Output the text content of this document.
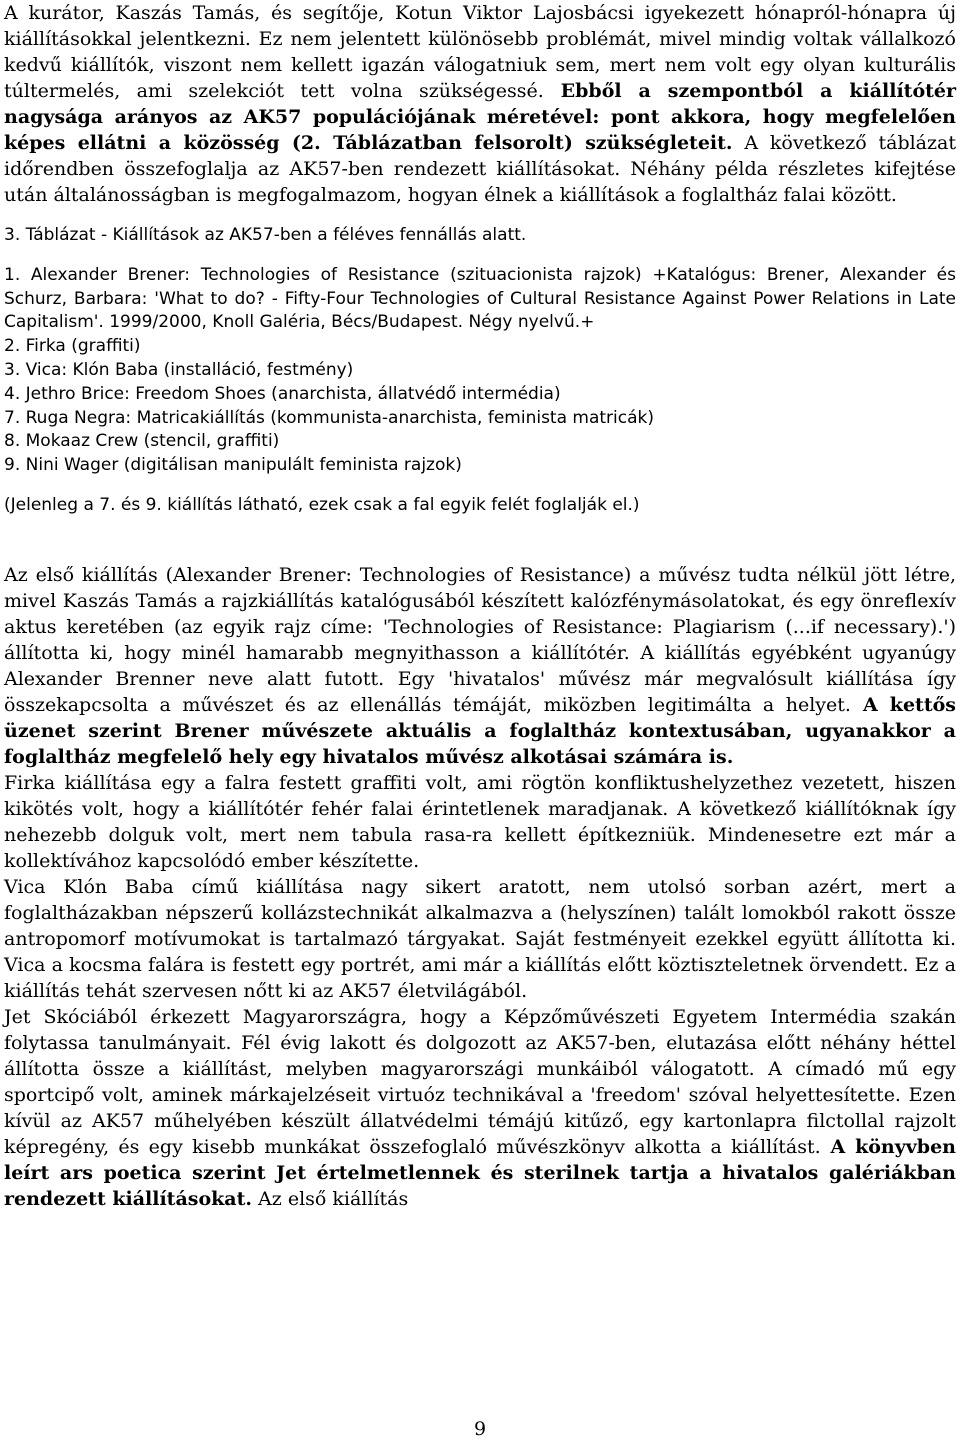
A kurátor, Kaszás Tamás, és segítője, Kotun Viktor Lajosbácsi igyekezett hónapról-hónapra új kiállításokkal jelentkezni. Ez nem jelentett különösebb problémát, mivel mindig voltak vállalkozó kedvű kiállítók, viszont nem kellett igazán válogatniuk sem, mert nem volt egy olyan kulturális túltermelés, ami szelekciót tett volna szükségessé. Ebből a szempontból a kiállítótér nagysága arányos az AK57 populációjának méretével: pont akkora, hogy megfelelően képes ellátni a közösség (2. Táblázatban felsorolt) szükségleteit. A következő táblázat időrendben összefoglalja az AK57-ben rendezett kiállításokat. Néhány példa részletes kifejtése után általánosságban is megfogalmazom, hogyan élnek a kiállítások a foglaltház falai között.

3. Táblázat - Kiállítások az AK57-ben a féléves fennállás alatt.

1. Alexander Brener: Technologies of Resistance (szituacionista rajzok) +Katalógus: Brener, Alexander és Schurz, Barbara: 'What to do? - Fifty-Four Technologies of Cultural Resistance Against Power Relations in Late Capitalism'. 1999/2000, Knoll Galéria, Bécs/Budapest. Négy nyelvű.+
2. Firka (graffiti)
3. Vica: Klón Baba (installáció, festmény)
4. Jethro Brice: Freedom Shoes (anarchista, állatvédő intermédia)
7. Ruga Negra: Matricakiállítás (kommunista-anarchista, feminista matricák)
8. Mokaaz Crew (stencil, graffiti)
9. Nini Wager (digitálisan manipulált feminista rajzok)

(Jelenleg a 7. és 9. kiállítás látható, ezek csak a fal egyik felét foglalják el.)

Az első kiállítás (Alexander Brener: Technologies of Resistance) a művész tudta nélkül jött létre, mivel Kaszás Tamás a rajzkiállítás katalógusából készített kalózfénymásolatokat, és egy önreflexív aktus keretében (az egyik rajz címe: 'Technologies of Resistance: Plagiarism (...if necessary).') állította ki, hogy minél hamarabb megnyithasson a kiállítótér. A kiállítás egyébként ugyanúgy Alexander Brenner neve alatt futott. Egy 'hivatalos' művész már megvalósult kiállítása így összekapcsolta a művészet és az ellenállás témáját, miközben legitimálta a helyet. A kettős üzenet szerint Brener művészete aktuális a foglaltház kontextusában, ugyanakkor a foglaltház megfelelő hely egy hivatalos művész alkotásai számára is.

Firka kiállítása egy a falra festett graffiti volt, ami rögtön konfliktushelyzethez vezetett, hiszen kikötés volt, hogy a kiállítótér fehér falai érintetlenek maradjanak. A következő kiállítóknak így nehezebb dolguk volt, mert nem tabula rasa-ra kellett építkezniük. Mindenesetre ezt már a kollektívához kapcsolódó ember készítette.

Vica Klón Baba című kiállítása nagy sikert aratott, nem utolsó sorban azért, mert a foglaltházakban népszerű kollázstechnikát alkalmazva a (helyszínen) talált lomokból rakott össze antropomorf motívumokat is tartalmazó tárgyakat. Saját festményeit ezekkel együtt állította ki. Vica a kocsma falára is festett egy portrét, ami már a kiállítás előtt köztiszteletnek örvendett. Ez a kiállítás tehát szervesen nőtt ki az AK57 életvilágából.

Jet Skóciából érkezett Magyarországra, hogy a Képzőművészeti Egyetem Intermédia szakán folytassa tanulmányait. Fél évig lakott és dolgozott az AK57-ben, elutazása előtt néhány héttel állította össze a kiállítást, melyben magyarországi munkáiból válogatott. A címadó mű egy sportcipő volt, aminek márkajelzéseit virtuóz technikával a 'freedom' szóval helyettesítette. Ezen kívül az AK57 műhelyében készült állatvédelmi témájú kitűző, egy kartonlapra filctollal rajzolt képregény, és egy kisebb munkákat összefoglaló művészkönyv alkotta a kiállítást. A könyvben leírt ars poetica szerint Jet értelmetlennek és sterilnek tartja a hivatalos galériákban rendezett kiállításokat. Az első kiállítás

9
